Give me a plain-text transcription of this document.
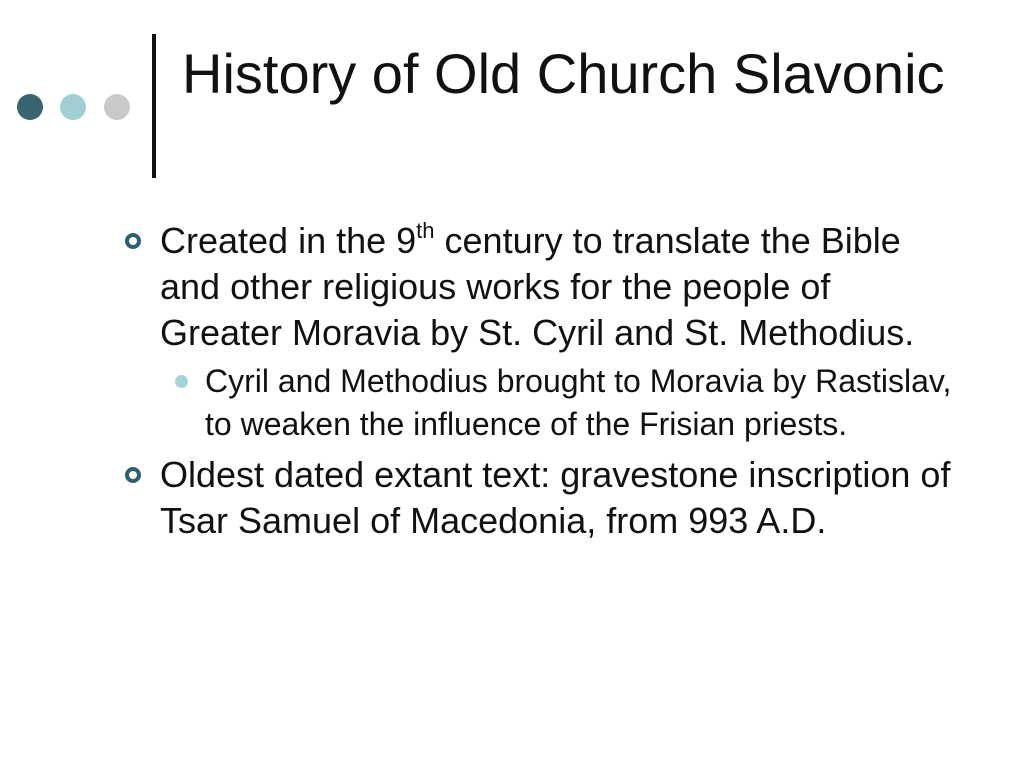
History of Old Church Slavonic
Created in the 9th century to translate the Bible and other religious works for the people of Greater Moravia by St. Cyril and St. Methodius.
Cyril and Methodius brought to Moravia by Rastislav, to weaken the influence of the Frisian priests.
Oldest dated extant text: gravestone inscription of Tsar Samuel of Macedonia, from 993 A.D.
